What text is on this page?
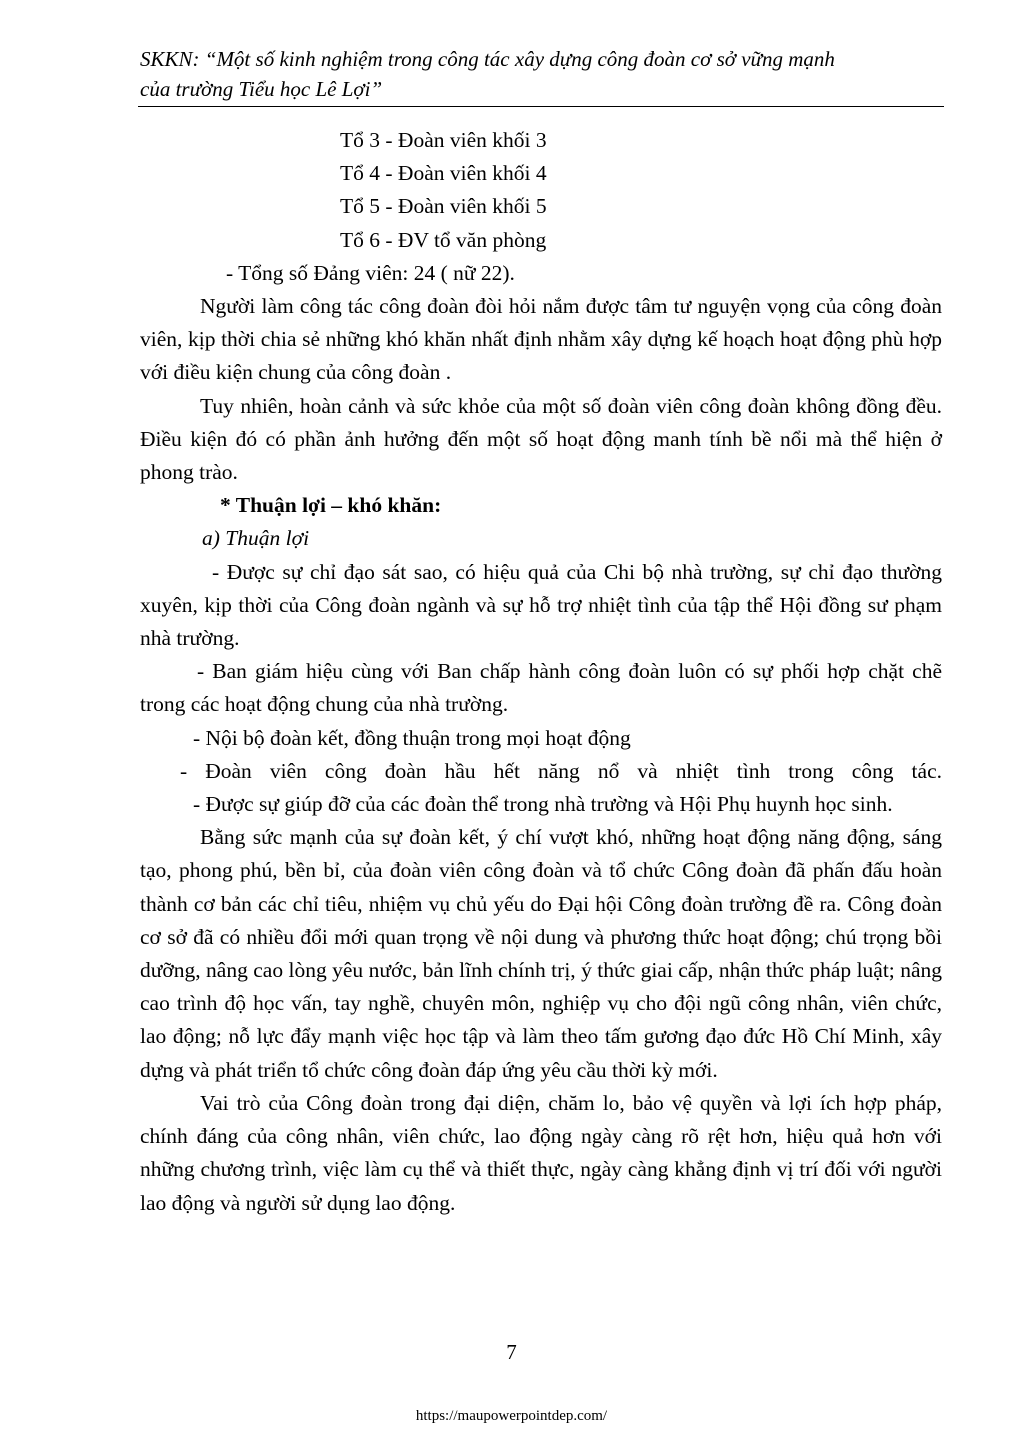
SKKN: “Một số kinh nghiệm trong công tác xây dựng công đoàn cơ sở vững mạnh
của trường Tiểu học Lê Lợi”

Tổ 3 - Đoàn viên khối 3

Tổ 4 - Đoàn viên khối 4

Tổ 5 - Đoàn viên khối 5

Tổ 6 - ĐV tổ văn phòng

- Tổng số Đảng viên: 24 ( nữ 22).

Người làm công tác công đoàn đòi hỏi nắm được tâm tư nguyện vọng của công đoàn viên, kịp thời chia sẻ những khó khăn nhất định nhằm xây dựng kế hoạch hoạt động phù hợp với điều kiện chung của công đoàn .

Tuy nhiên, hoàn cảnh và sức khỏe của một số đoàn viên công đoàn không đồng đều. Điều kiện đó có phần ảnh hưởng đến một số hoạt động manh tính bề nổi mà thể hiện ở phong trào.

* Thuận lợi – khó khăn:

a) Thuận lợi

- Được sự chỉ đạo sát sao, có hiệu quả của Chi bộ nhà trường, sự chỉ đạo thường xuyên, kịp thời của Công đoàn ngành và sự hỗ trợ nhiệt tình của tập thể Hội đồng sư phạm nhà trường.

- Ban giám hiệu cùng với Ban chấp hành công đoàn luôn có sự phối hợp chặt chẽ trong các hoạt động chung của nhà trường.

- Nội bộ đoàn kết, đồng thuận trong mọi hoạt động

- Đoàn viên công đoàn hầu hết năng nổ và nhiệt tình trong công tác.

- Được sự giúp đỡ của các đoàn thể trong nhà trường và Hội Phụ huynh học sinh.

Bằng sức mạnh của sự đoàn kết, ý chí vượt khó, những hoạt động năng động, sáng tạo, phong phú, bền bỉ, của đoàn viên công đoàn và tổ chức Công đoàn đã phấn đấu hoàn thành cơ bản các chỉ tiêu, nhiệm vụ chủ yếu do Đại hội Công đoàn trường đề ra. Công đoàn cơ sở đã có nhiều đổi mới quan trọng về nội dung và phương thức hoạt động; chú trọng bồi dưỡng, nâng cao lòng yêu nước, bản lĩnh chính trị, ý thức giai cấp, nhận thức pháp luật; nâng cao trình độ học vấn, tay nghề, chuyên môn, nghiệp vụ cho đội ngũ công nhân, viên chức, lao động; nỗ lực đẩy mạnh việc học tập và làm theo tấm gương đạo đức Hồ Chí Minh, xây dựng và phát triển tổ chức công đoàn đáp ứng yêu cầu thời kỳ mới.

Vai trò của Công đoàn trong đại diện, chăm lo, bảo vệ quyền và lợi ích hợp pháp, chính đáng của công nhân, viên chức, lao động ngày càng rõ rệt hơn, hiệu quả hơn với những chương trình, việc làm cụ thể và thiết thực, ngày càng khẳng định vị trí đối với người lao động và người sử dụng lao động.

7
https://maupowerpointdep.com/
